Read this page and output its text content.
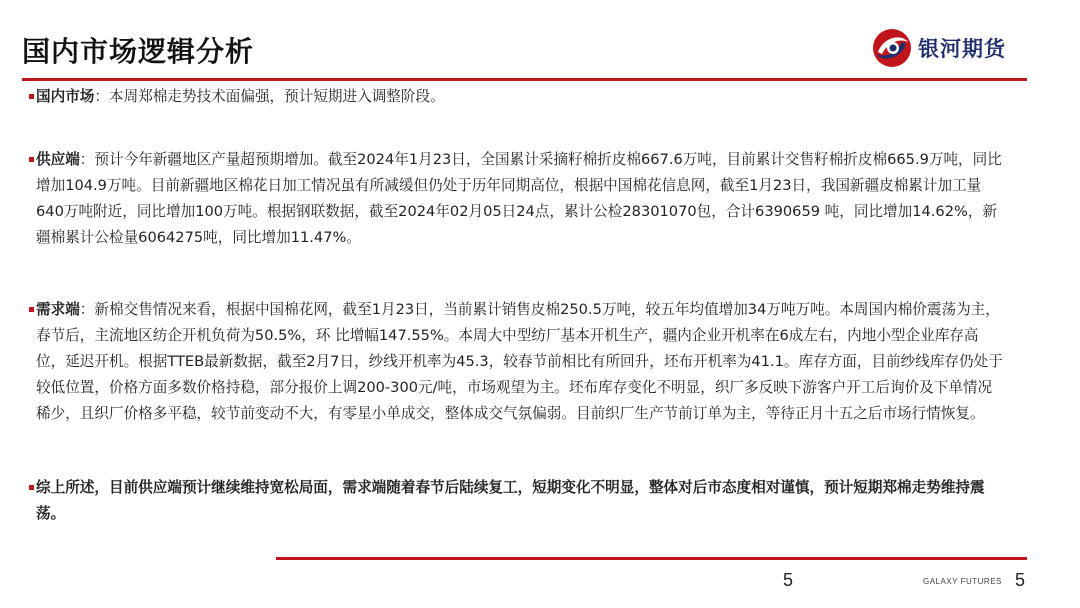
国内市场逻辑分析	银河期货
国内市场：本周郑棉走势技术面偏强，预计短期进入调整阶段。
供应端：预计今年新疆地区产量超预期增加。截至2024年1月23日，全国累计采摘籽棉折皮棉667.6万吨，目前累计交售籽棉折皮棉665.9万吨，同比增加104.9万吨。目前新疆地区棉花日加工情况虽有所减缓但仍处于历年同期高位，根据中国棉花信息网，截至1月23日，我国新疆皮棉累计加工量640万吨附近，同比增加100万吨。根据钢联数据，截至2024年02月05日24点，累计公检28301070包，合计6390659 吨，同比增加14.62%，新疆棉累计公检量6064275吨，同比增加11.47%。
需求端：新棉交售情况来看，根据中国棉花网，截至1月23日，当前累计销售皮棉250.5万吨，较五年均值增加34万吨万吨。本周国内棉价震荡为主，春节后，主流地区纺企开机负荷为50.5%，环 比增幅147.55%。本周大中型纺厂基本开机生产，疆内企业开机率在6成左右，内地小型企业库存高位，延迟开机。根据TTEB最新数据，截至2月7日，纱线开机率为45.3，较春节前相比有所回升，坯布开机率为41.1。库存方面，目前纱线库存仍处于较低位置，价格方面多数价格持稳，部分报价上调200-300元/吨，市场观望为主。坯布库存变化不明显，织厂多反映下游客户开工后询价及下单情况稀少，且织厂价格多平稳，较节前变动不大，有零星小单成交，整体成交气氛偏弱。目前织厂生产节前订单为主，等待正月十五之后市场行情恢复。
综上所述，目前供应端预计继续维持宽松局面，需求端随着春节后陆续复工，短期变化不明显，整体对后市态度相对谨慎，预计短期郑棉走势维持震荡。
5	GALAXY FUTURES 5
